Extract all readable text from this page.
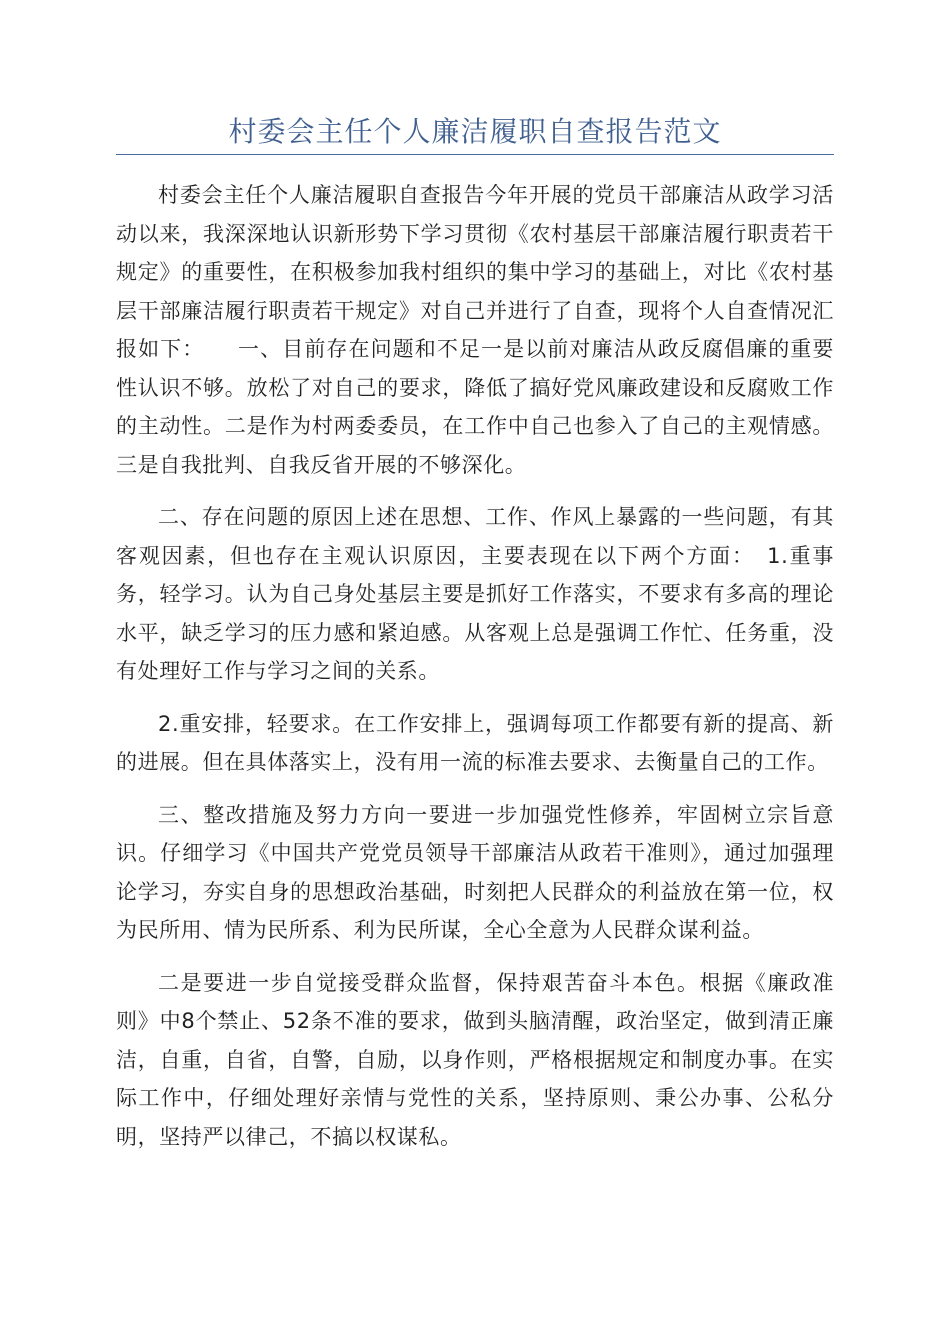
村委会主任个人廉洁履职自查报告范文

村委会主任个人廉洁履职自查报告今年开展的党员干部廉洁从政学习活动以来，我深深地认识新形势下学习贯彻《农村基层干部廉洁履行职责若干规定》的重要性，在积极参加我村组织的集中学习的基础上，对比《农村基层干部廉洁履行职责若干规定》对自己并进行了自查，现将个人自查情况汇报如下：　　一、目前存在问题和不足一是以前对廉洁从政反腐倡廉的重要性认识不够。放松了对自己的要求，降低了搞好党风廉政建设和反腐败工作的主动性。二是作为村两委委员，在工作中自己也参入了自己的主观情感。三是自我批判、自我反省开展的不够深化。

二、存在问题的原因上述在思想、工作、作风上暴露的一些问题，有其客观因素，但也存在主观认识原因，主要表现在以下两个方面：　1.重事务，轻学习。认为自己身处基层主要是抓好工作落实，不要求有多高的理论水平，缺乏学习的压力感和紧迫感。从客观上总是强调工作忙、任务重，没有处理好工作与学习之间的关系。

2.重安排，轻要求。在工作安排上，强调每项工作都要有新的提高、新的进展。但在具体落实上，没有用一流的标准去要求、去衡量自己的工作。

三、整改措施及努力方向一要进一步加强党性修养，牢固树立宗旨意识。仔细学习《中国共产党党员领导干部廉洁从政若干准则》，通过加强理论学习，夯实自身的思想政治基础，时刻把人民群众的利益放在第一位，权为民所用、情为民所系、利为民所谋，全心全意为人民群众谋利益。

二是要进一步自觉接受群众监督，保持艰苦奋斗本色。根据《廉政准则》中8个禁止、52条不准的要求，做到头脑清醒，政治坚定，做到清正廉洁，自重，自省，自警，自励，以身作则，严格根据规定和制度办事。在实际工作中，仔细处理好亲情与党性的关系，坚持原则、秉公办事、公私分明，坚持严以律己，不搞以权谋私。
